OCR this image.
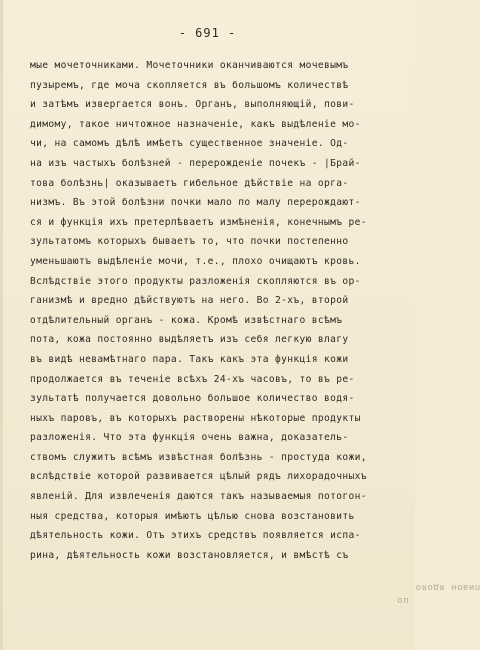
- 691 -
мые мочеточниками. Мочеточники оканчиваются мочевымъ
пузыремъ, где моча скопляется въ большомъ количествѣ
и затѣмъ извергается вонъ. Органъ, выполняющій, пови-
димому, такое ничтожное назначеніе, какъ выдѣленіе мо-
чи, на самомъ дѣлѣ имѣетъ существенное значеніе. Од-
на изъ частыхъ болѣзней - перерожденіе почекъ - |Брай-
това болѣзнь| оказываетъ гибельное дѣйствіе на орга-
низмъ. Въ этой болѣзни почки мало по малу перерождают-
ся и функція ихъ претерпѣваетъ измѣненія, конечнымъ ре-
зультатомъ которыхъ бываетъ то, что почки постепенно
уменьшаютъ выдѣленіе мочи, т.е., плохо очищаютъ кровь.
Вслѣдствіе этого продукты разложенія скопляются въ ор-
ганизмѣ и вредно дѣйствуютъ на него. Во 2-хъ, второй
отдѣлительный органъ - кожа. Кромѣ извѣстнаго всѣмъ
пота, кожа постоянно выдѣляетъ изъ себя легкую влагу
въ видѣ невамѣтнаго пара. Такъ какъ эта функція кожи
продолжается въ теченіе всѣхъ 24-хъ часовъ, то въ ре-
зультатѣ получается довольно большое количество водя-
ныхъ паровъ, въ которыхъ растворены нѣкоторые продукты
разложенія. Что эта функція очень важна, доказатель-
ствомъ служитъ всѣмъ извѣстная болѣзнь - простуда кожи,
вслѣдствіе которой развивается цѣлый рядъ лихорадочныхъ
явленій. Для извлеченія даются такъ называемыя потогон-
ныя средства, которыя имѣютъ цѣлью снова возстановить
дѣятельность кожи. Отъ этихъ средствъ появляется испа-
рина, дѣятельность кожи возстановляется, и вмѣстѣ съ
пиаон ядояо
оп
